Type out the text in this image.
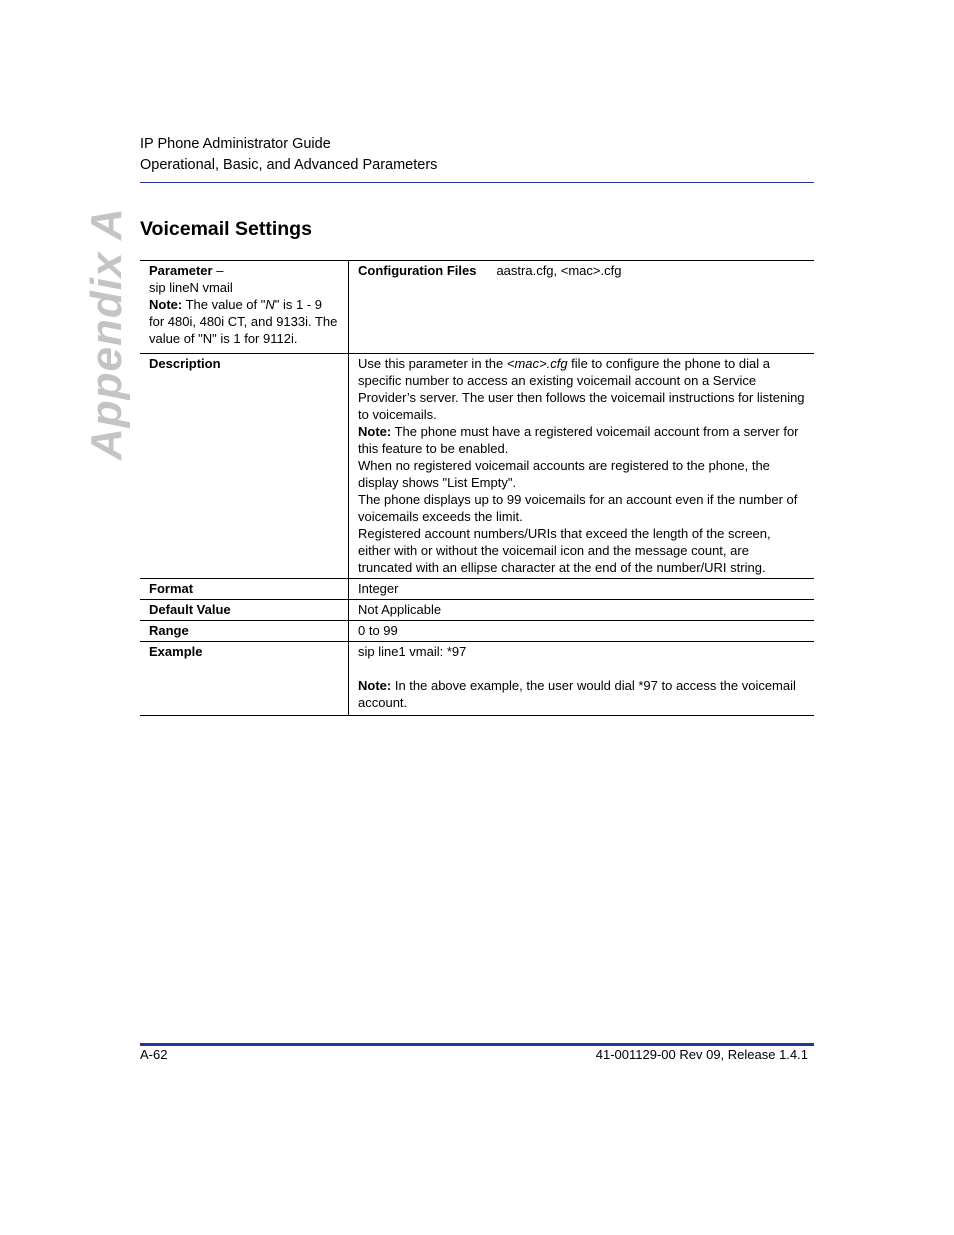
IP Phone Administrator Guide
Operational, Basic, and Advanced Parameters
Appendix A Voicemail Settings
Parameter –
sip lineN vmail
Note: The value of "N" is 1 - 9 for 480i, 480i CT, and 9133i. The value of "N" is 1 for 9112i.	Configuration Files aastra.cfg, <mac>.cfg
Description	Use this parameter in the <mac>.cfg file to configure the phone to dial a specific number to access an existing voicemail account on a Service Provider’s server. The user then follows the voicemail instructions for listening to voicemails.
Note: The phone must have a registered voicemail account from a server for this feature to be enabled.
When no registered voicemail accounts are registered to the phone, the display shows "List Empty".
The phone displays up to 99 voicemails for an account even if the number of voicemails exceeds the limit.
Registered account numbers/URIs that exceed the length of the screen, either with or without the voicemail icon and the message count, are truncated with an ellipse character at the end of the number/URI string.
Format	Integer
Default Value	Not Applicable
Range	0 to 99
Example	sip line1 vmail: *97

Note: In the above example, the user would dial *97 to access the voicemail account.
A-62	41-001129-00 Rev 09, Release 1.4.1
